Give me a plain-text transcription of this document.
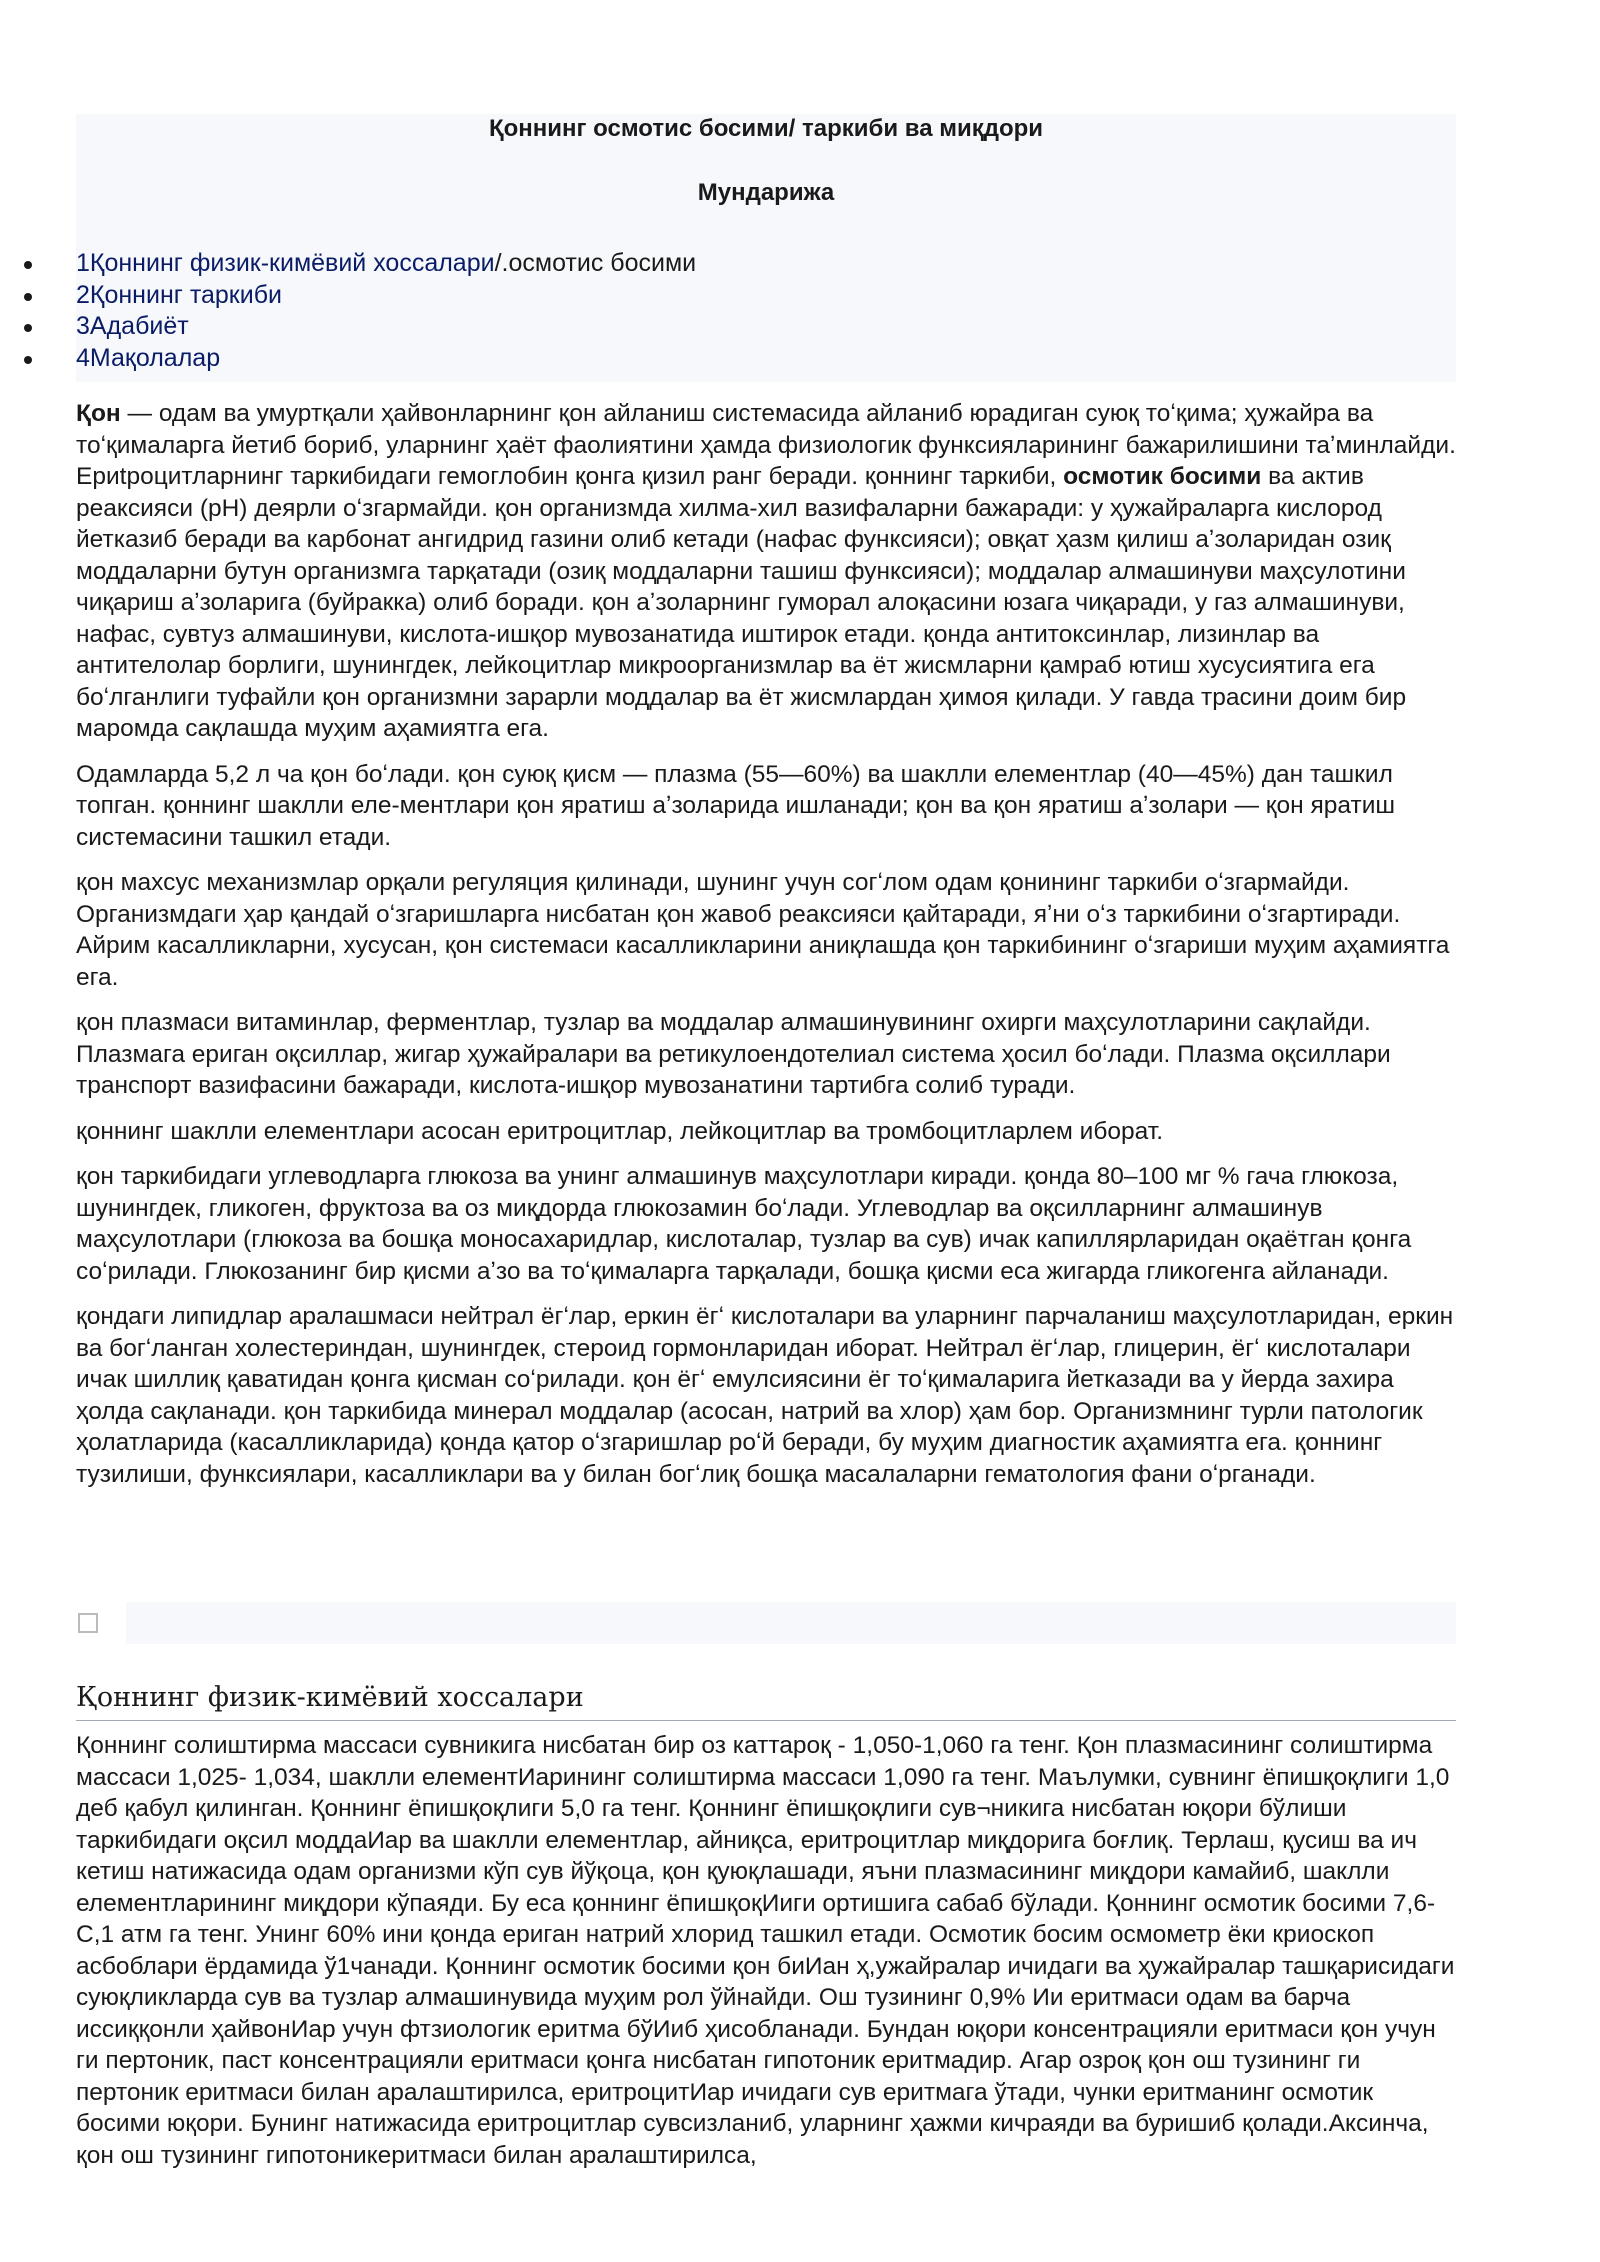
Қоннинг осмотис босими/ таркиби ва миқдори
Мундарижа
1Қоннинг физик-кимёвий хоссалари/.осмотис босими
2Қоннинг таркиби
3Адабиёт
4Мақолалар

Қон — одам ва умуртқали ҳайвонларнинг қон айланиш системасида айланиб юрадиган суюқ тоʻқима; ҳужайра ва тоʻқималарга йетиб бориб, уларнинг ҳаёт фаолиятини ҳамда физиологик функсияларининг бажарилишини таʼминлайди. Ериtроцитларнинг таркибидаги гемоглобин қонга қизил ранг беради. қоннинг таркиби, осмотик босими ва актив реаксияси (pH) деярли оʻзгармайди. қон организмда хилма-хил вазифаларни бажаради: у ҳужайраларга кислород йетказиб беради ва карбонат ангидрид газини олиб кетади (нафас функсияси); овқат ҳазм қилиш аʼзоларидан озиқ моддаларни бутун организмга тарқатади (озиқ моддаларни ташиш функсияси); моддалар алмашинуви маҳсулотини чиқариш аʼзоларига (буйракка) олиб боради. қон аʼзоларнинг гуморал алоқасини юзага чиқаради, у газ алмашинуви, нафас, сувтуз алмашинуви, кислота-ишқор мувозанатида иштирок етади. қонда антитоксинлар, лизинлар ва антителолар борлиги, шунингдек, лейкоцитлар микроорганизмлар ва ёт жисмларни қамраб ютиш хусусиятига ега боʻлганлиги туфайли қон организмни зарарли моддалар ва ёт жисмлардан ҳимоя қилади. У гавда трасини доим бир маромда сақлашда муҳим аҳамиятга ега.

Одамларда 5,2 л ча қон боʻлади. қон суюқ қисм — плазма (55—60%) ва шаклли елементлар (40—45%) дан ташкил топган. қоннинг шаклли еле-ментлари қон яратиш аʼзоларида ишланади; қон ва қон яратиш аʼзолари — қон яратиш системасини ташкил етади.

қон махсус механизмлар орқали регуляция қилинади, шунинг учун согʻлом одам қонининг таркиби оʻзгармайди. Организмдаги ҳар қандай оʻзгаришларга нисбатан қон жавоб реаксияси қайтаради, яʼни оʻз таркибини оʻзгартиради. Айрим касалликларни, хусусан, қон системаси касалликларини аниқлашда қон таркибининг оʻзгариши муҳим аҳамиятга ега.

қон плазмаси витаминлар, ферментлар, тузлар ва моддалар алмашинувининг охирги маҳсулотларини сақлайди. Плазмага ериган оқсиллар, жигар ҳужайралари ва ретикулоендотелиал система ҳосил боʻлади. Плазма оқсиллари транспорт вазифасини бажаради, кислота-ишқор мувозанатини тартибга солиб туради.

қоннинг шаклли елементлари асосан еритроцитлар, лейкоцитлар ва тромбоцитларлем иборат.

қон таркибидаги углеводларга глюкоза ва унинг алмашинув маҳсулотлари киради. қонда 80–100 мг % гача глюкоза, шунингдек, гликоген, фруктоза ва оз миқдорда глюкозамин боʻлади. Углеводлар ва оқсилларнинг алмашинув маҳсулотлари (глюкоза ва бошқа моносахаридлар, кислоталар, тузлар ва сув) ичак капиллярларидан оқаётган қонга соʻрилади. Глюкозанинг бир қисми аʼзо ва тоʻқималарга тарқалади, бошқа қисми еса жигарда гликогенга айланади.

қондаги липидлар аралашмаси нейтрал ёгʻлар, еркин ёгʻ кислоталари ва уларнинг парчаланиш маҳсулотларидан, еркин ва богʻланган холестериндан, шунингдек, стероид гормонларидан иборат. Нейтрал ёгʻлар, глицерин, ёгʻ кислоталари ичак шиллиқ қаватидан қонга қисман соʻрилади. қон ёгʻ емулсиясини ёг тоʻқималарига йетказади ва у йерда захира ҳолда сақланади. қон таркибида минерал моддалар (асосан, натрий ва хлор) ҳам бор. Организмнинг турли патологик ҳолатларида (касалликларида) қонда қатор оʻзгаришлар роʻй беради, бу муҳим диагностик аҳамиятга ега. қоннинг тузилиши, функсиялари, касалликлари ва у билан богʻлиқ бошқа масалаларни гематология фани оʻрганади.

Қоннинг физик-кимёвий хоссалари

Қоннинг солиштирма массаси сувникига нисбатан бир оз каттароқ - 1,050-1,060 га тенг. Қон плазмасининг солиштирма массаси 1,025- 1,034, шаклли елементИарининг солиштирма массаси 1,090 га тенг. Маълумки, сувнинг ёпишқоқлиги 1,0 деб қабул қилинган. Қоннинг ёпишқоқлиги 5,0 га тенг. Қоннинг ёпишқоқлиги сув¬никига нисбатан юқори бўлиши таркибидаги оқсил моддаИар ва шаклли елементлар, айниқса, еритроцитлар миқдорига боғлиқ. Терлаш, қусиш ва ич кетиш натижасида одам организми кўп сув йўқоца, қон қуюқлашади, яъни плазмасининг миқдори камайиб, шаклли елементларининг миқдори кўпаяди. Бу еса қоннинг ёпишқоқИиги ортишига сабаб бўлади. Қоннинг осмотик босими 7,6-С,1 атм га тенг. Унинг 60% ини қонда ериган натрий хлорид ташкил етади. Осмотик босим осмометр ёки криоскоп асбоблари ёрдамида ў1чанади. Қоннинг осмотик босими қон биИан ҳ,ужайралар ичидаги ва ҳужайралар ташқарисидаги суюқликларда сув ва тузлар алмашинувида муҳим рол ўйнайди. Ош тузининг 0,9% Ии еритмаси одам ва барча иссиққонли ҳайвонИар учун фтзиологик еритма бўИиб ҳисобланади. Бундан юқори консентрацияли еритмаси қон учун ги пертоник, паст консентрацияли еритмаси қонга нисбатан гипотоник еритмадир. Агар озроқ қон ош тузининг ги пертоник еритмаси билан аралаштирилса, еритроцитИар ичидаги сув еритмага ўтади, чунки еритманинг осмотик босими юқори. Бунинг натижасида еритроцитлар сувсизланиб, уларнинг ҳажми кичраяди ва буришиб қолади.Аксинча, қон ош тузининг гипотоникеритмаси билан аралаштирилса,
